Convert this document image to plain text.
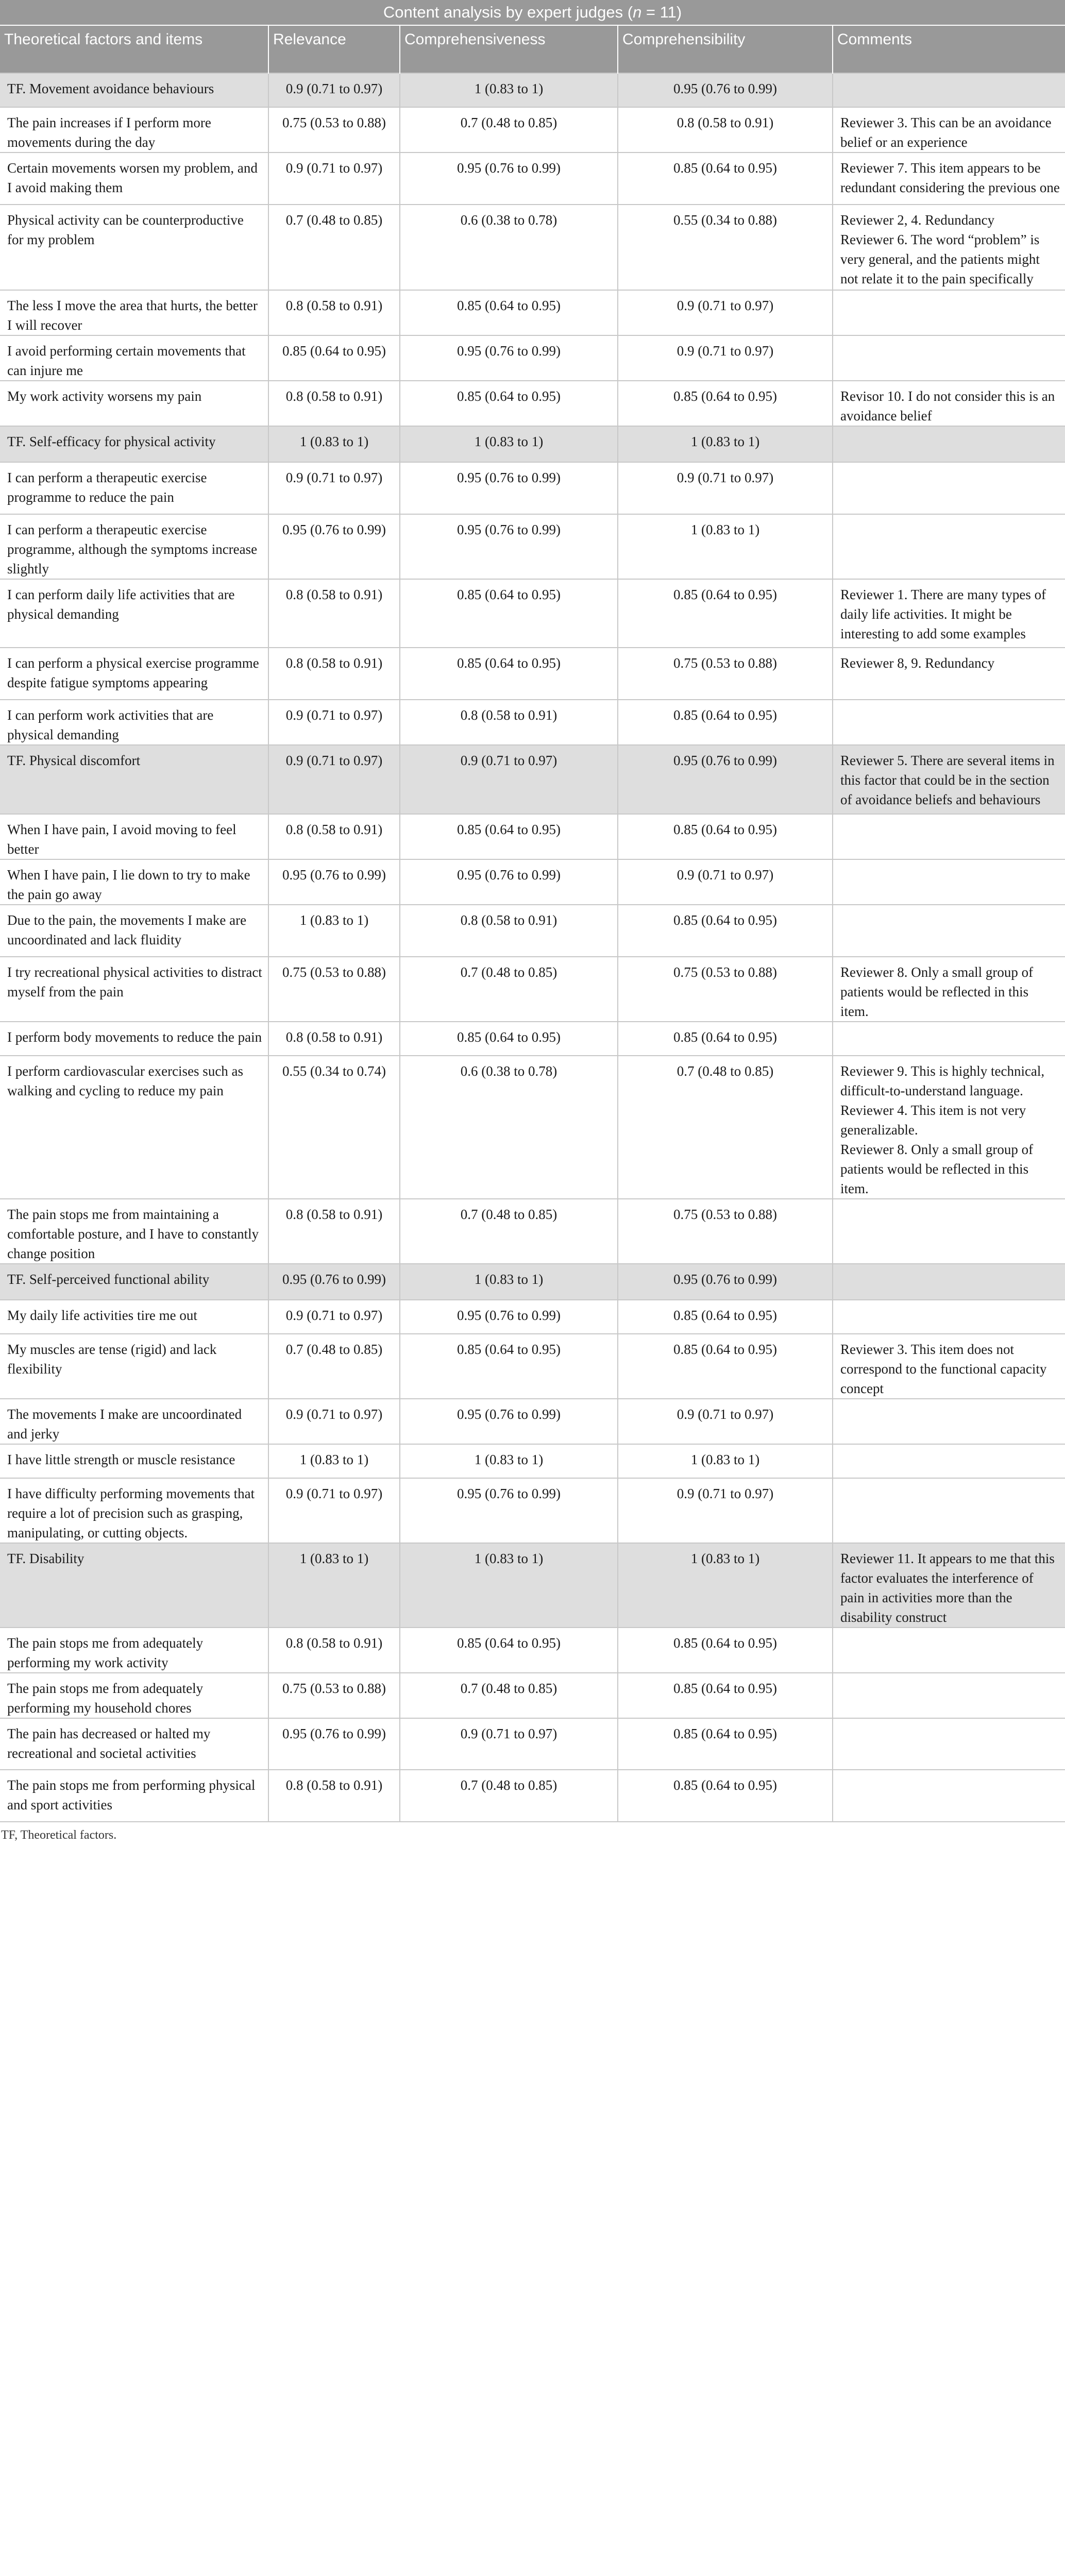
Content analysis by expert judges (n = 11)
Theoretical factors and items	Relevance	Comprehensiveness	Comprehensibility	Comments
TF. Movement avoidance behaviours	0.9 (0.71 to 0.97)	1 (0.83 to 1)	0.95 (0.76 to 0.99)	
The pain increases if I perform more movements during the day	0.75 (0.53 to 0.88)	0.7 (0.48 to 0.85)	0.8 (0.58 to 0.91)	Reviewer 3. This can be an avoidance belief or an experience
Certain movements worsen my problem, and I avoid making them	0.9 (0.71 to 0.97)	0.95 (0.76 to 0.99)	0.85 (0.64 to 0.95)	Reviewer 7. This item appears to be redundant considering the previous one
Physical activity can be counterproductive for my problem	0.7 (0.48 to 0.85)	0.6 (0.38 to 0.78)	0.55 (0.34 to 0.88)	Reviewer 2, 4. Redundancy
Reviewer 6. The word “problem” is very general, and the patients might not relate it to the pain specifically
The less I move the area that hurts, the better I will recover	0.8 (0.58 to 0.91)	0.85 (0.64 to 0.95)	0.9 (0.71 to 0.97)	
I avoid performing certain movements that can injure me	0.85 (0.64 to 0.95)	0.95 (0.76 to 0.99)	0.9 (0.71 to 0.97)	
My work activity worsens my pain	0.8 (0.58 to 0.91)	0.85 (0.64 to 0.95)	0.85 (0.64 to 0.95)	Revisor 10. I do not consider this is an avoidance belief
TF. Self-efficacy for physical activity	1 (0.83 to 1)	1 (0.83 to 1)	1 (0.83 to 1)	
I can perform a therapeutic exercise programme to reduce the pain	0.9 (0.71 to 0.97)	0.95 (0.76 to 0.99)	0.9 (0.71 to 0.97)	
I can perform a therapeutic exercise programme, although the symptoms increase slightly	0.95 (0.76 to 0.99)	0.95 (0.76 to 0.99)	1 (0.83 to 1)	
I can perform daily life activities that are physical demanding	0.8 (0.58 to 0.91)	0.85 (0.64 to 0.95)	0.85 (0.64 to 0.95)	Reviewer 1. There are many types of daily life activities. It might be interesting to add some examples
I can perform a physical exercise programme despite fatigue symptoms appearing	0.8 (0.58 to 0.91)	0.85 (0.64 to 0.95)	0.75 (0.53 to 0.88)	Reviewer 8, 9. Redundancy
I can perform work activities that are physical demanding	0.9 (0.71 to 0.97)	0.8 (0.58 to 0.91)	0.85 (0.64 to 0.95)	
TF. Physical discomfort	0.9 (0.71 to 0.97)	0.9 (0.71 to 0.97)	0.95 (0.76 to 0.99)	Reviewer 5. There are several items in this factor that could be in the section of avoidance beliefs and behaviours
When I have pain, I avoid moving to feel better	0.8 (0.58 to 0.91)	0.85 (0.64 to 0.95)	0.85 (0.64 to 0.95)	
When I have pain, I lie down to try to make the pain go away	0.95 (0.76 to 0.99)	0.95 (0.76 to 0.99)	0.9 (0.71 to 0.97)	
Due to the pain, the movements I make are uncoordinated and lack fluidity	1 (0.83 to 1)	0.8 (0.58 to 0.91)	0.85 (0.64 to 0.95)	
I try recreational physical activities to distract myself from the pain	0.75 (0.53 to 0.88)	0.7 (0.48 to 0.85)	0.75 (0.53 to 0.88)	Reviewer 8. Only a small group of patients would be reflected in this item.
I perform body movements to reduce the pain	0.8 (0.58 to 0.91)	0.85 (0.64 to 0.95)	0.85 (0.64 to 0.95)	
I perform cardiovascular exercises such as walking and cycling to reduce my pain	0.55 (0.34 to 0.74)	0.6 (0.38 to 0.78)	0.7 (0.48 to 0.85)	Reviewer 9. This is highly technical, difficult-to-understand language.
Reviewer 4. This item is not very generalizable.
Reviewer 8. Only a small group of patients would be reflected in this item.
The pain stops me from maintaining a comfortable posture, and I have to constantly change position	0.8 (0.58 to 0.91)	0.7 (0.48 to 0.85)	0.75 (0.53 to 0.88)	
TF. Self-perceived functional ability	0.95 (0.76 to 0.99)	1 (0.83 to 1)	0.95 (0.76 to 0.99)	
My daily life activities tire me out	0.9 (0.71 to 0.97)	0.95 (0.76 to 0.99)	0.85 (0.64 to 0.95)	
My muscles are tense (rigid) and lack flexibility	0.7 (0.48 to 0.85)	0.85 (0.64 to 0.95)	0.85 (0.64 to 0.95)	Reviewer 3. This item does not correspond to the functional capacity concept
The movements I make are uncoordinated and jerky	0.9 (0.71 to 0.97)	0.95 (0.76 to 0.99)	0.9 (0.71 to 0.97)	
I have little strength or muscle resistance	1 (0.83 to 1)	1 (0.83 to 1)	1 (0.83 to 1)	
I have difficulty performing movements that require a lot of precision such as grasping, manipulating, or cutting objects.	0.9 (0.71 to 0.97)	0.95 (0.76 to 0.99)	0.9 (0.71 to 0.97)	
TF. Disability	1 (0.83 to 1)	1 (0.83 to 1)	1 (0.83 to 1)	Reviewer 11. It appears to me that this factor evaluates the interference of pain in activities more than the disability construct
The pain stops me from adequately performing my work activity	0.8 (0.58 to 0.91)	0.85 (0.64 to 0.95)	0.85 (0.64 to 0.95)	
The pain stops me from adequately performing my household chores	0.75 (0.53 to 0.88)	0.7 (0.48 to 0.85)	0.85 (0.64 to 0.95)	
The pain has decreased or halted my recreational and societal activities	0.95 (0.76 to 0.99)	0.9 (0.71 to 0.97)	0.85 (0.64 to 0.95)	
The pain stops me from performing physical and sport activities	0.8 (0.58 to 0.91)	0.7 (0.48 to 0.85)	0.85 (0.64 to 0.95)	
TF, Theoretical factors.
